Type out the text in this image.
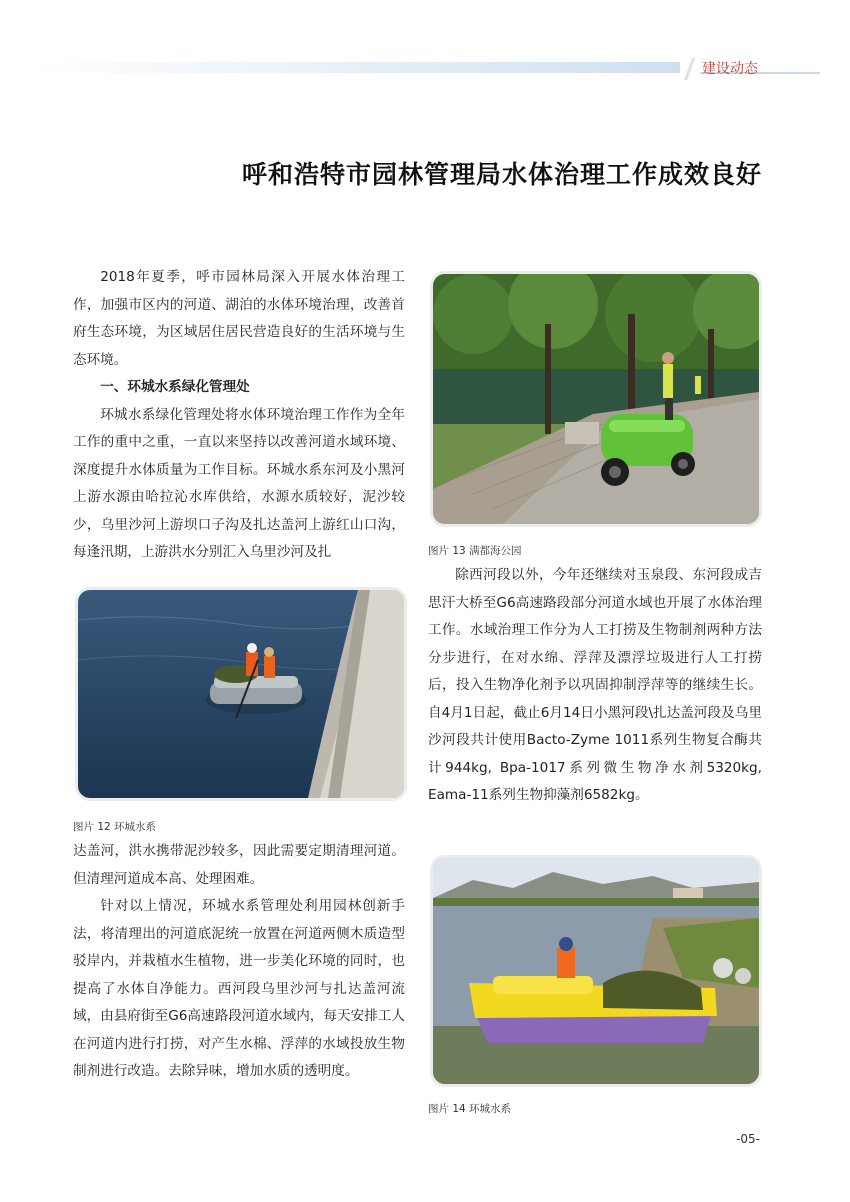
建设动态
呼和浩特市园林管理局水体治理工作成效良好

2018年夏季，呼市园林局深入开展水体治理工作，加强市区内的河道、湖泊的水体环境治理，改善首府生态环境，为区域居住居民营造良好的生活环境与生态环境。

一、环城水系绿化管理处

环城水系绿化管理处将水体环境治理工作作为全年工作的重中之重，一直以来坚持以改善河道水域环境、深度提升水体质量为工作目标。环城水系东河及小黑河上游水源由哈拉沁水库供给，水源水质较好，泥沙较少，乌里沙河上游坝口子沟及扎达盖河上游红山口沟，每逢汛期，上游洪水分别汇入乌里沙河及扎

图片 12 环城水系

达盖河，洪水携带泥沙较多，因此需要定期清理河道。但清理河道成本高、处理困难。

针对以上情况，环城水系管理处利用园林创新手法，将清理出的河道底泥统一放置在河道两侧木质造型驳岸内，并栽植水生植物，进一步美化环境的同时，也提高了水体自净能力。西河段乌里沙河与扎达盖河流域，由县府街至G6高速路段河道水域内，每天安排工人在河道内进行打捞，对产生水棉、浮萍的水域投放生物制剂进行改造。去除异味，增加水质的透明度。

图片 13 满都海公园

除西河段以外，今年还继续对玉泉段、东河段成吉思汗大桥至G6高速路段部分河道水域也开展了水体治理工作。水域治理工作分为人工打捞及生物制剂两种方法分步进行，在对水绵、浮萍及漂浮垃圾进行人工打捞后，投入生物净化剂予以巩固抑制浮萍等的继续生长。自4月1日起，截止6月14日小黑河段\扎达盖河段及乌里沙河段共计使用Bacto-Zyme 1011系列生物复合酶共计944kg, Bpa-1017系列微生物净水剂5320kg, Eama-11系列生物抑藻剂6582kg。

图片 14 环城水系
-05-
